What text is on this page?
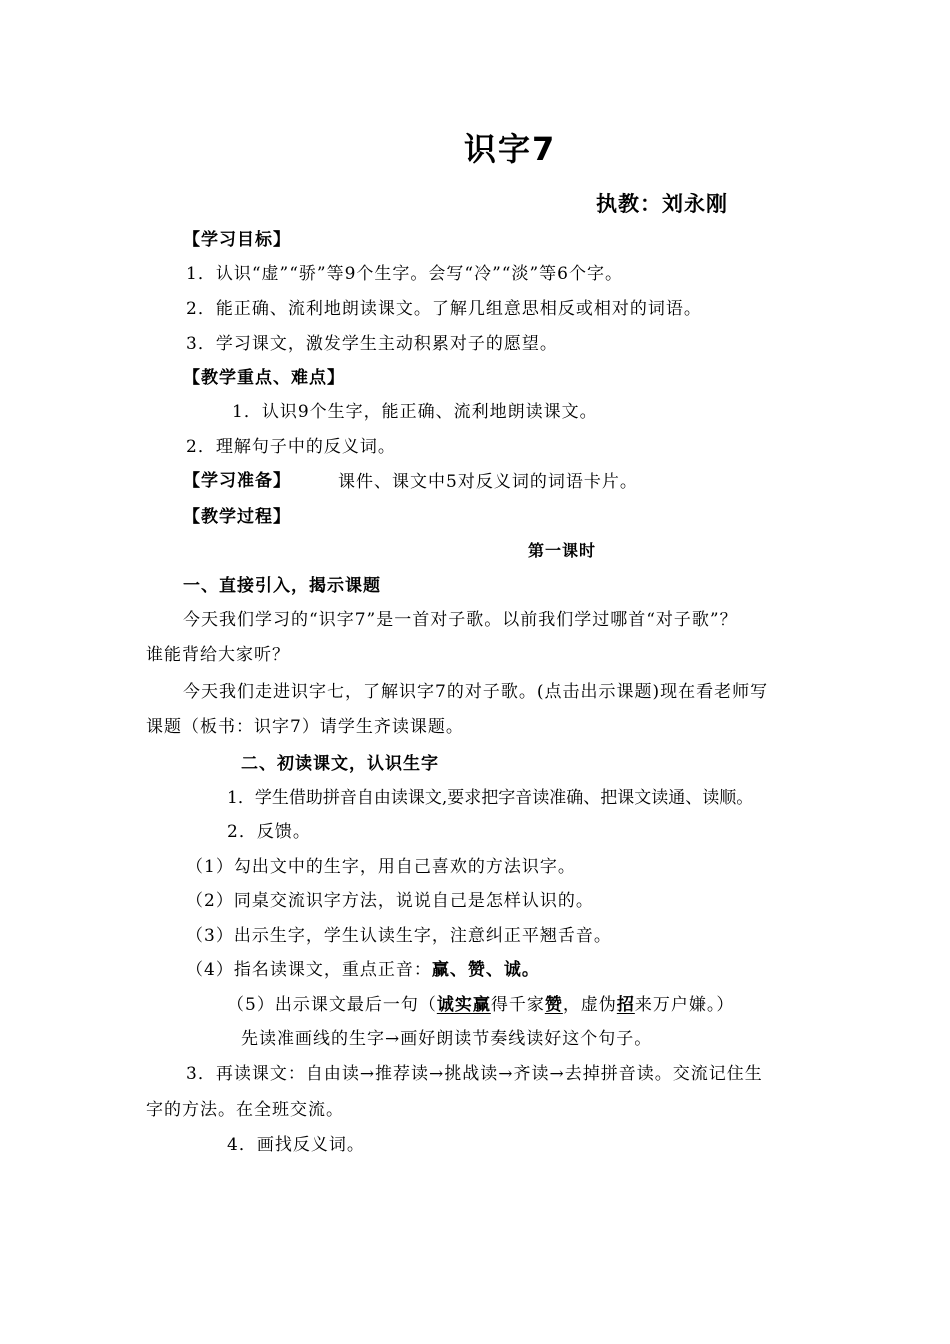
识字7
执教：刘永刚
【学习目标】
1．认识“虚”“骄”等9个生字。会写“冷”“淡”等6个字。
2．能正确、流利地朗读课文。了解几组意思相反或相对的词语。
3．学习课文，激发学生主动积累对子的愿望。
【教学重点、难点】
1．认识9个生字，能正确、流利地朗读课文。
2．理解句子中的反义词。
【学习准备】	课件、课文中5对反义词的词语卡片。
【教学过程】
第一课时
一、直接引入，揭示课题
今天我们学习的“识字7”是一首对子歌。以前我们学过哪首“对子歌”？
谁能背给大家听？
今天我们走进识字七，了解识字7的对子歌。(点击出示课题)现在看老师写
课题（板书：识字7）请学生齐读课题。
二、初读课文，认识生字
1．学生借助拼音自由读课文,要求把字音读准确、把课文读通、读顺。
2．反馈。
（1）勾出文中的生字，用自己喜欢的方法识字。
（2）同桌交流识字方法，说说自己是怎样认识的。
（3）出示生字，学生认读生字，注意纠正平翘舌音。
（4）指名读课文，重点正音：赢、赞、诚。
（5）出示课文最后一句（诚实赢得千家赞，虚伪招来万户嫌。）
先读准画线的生字→画好朗读节奏线读好这个句子。
3．再读课文：自由读→推荐读→挑战读→齐读→去掉拼音读。交流记住生
字的方法。在全班交流。
4．画找反义词。
